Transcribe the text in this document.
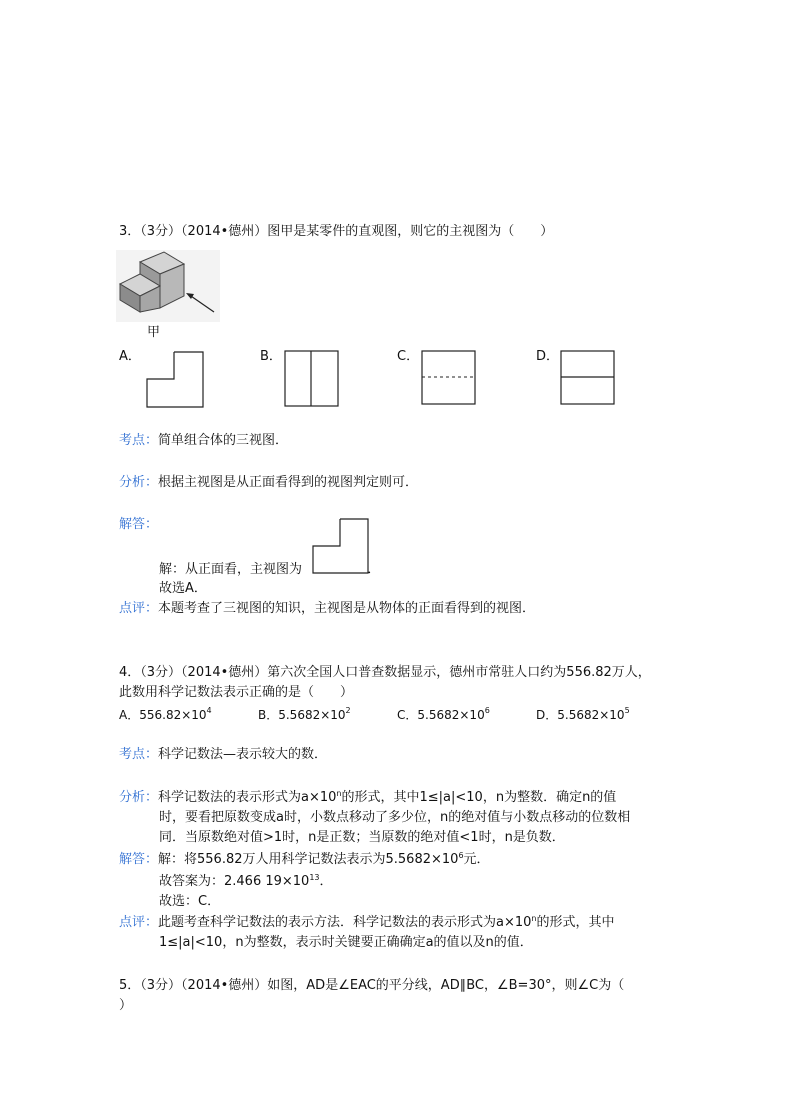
3．（3分）（2014•德州）图甲是某零件的直观图，则它的主视图为（　　）
甲
A．	B．	C．	D．
考点：简单组合体的三视图．
分析：根据主视图是从正面看得到的视图判定则可．
解答：
解：从正面看，主视图为	．
故选A．
点评：本题考查了三视图的知识，主视图是从物体的正面看得到的视图．
4．（3分）（2014•德州）第六次全国人口普查数据显示，德州市常驻人口约为556.82万人，
此数用科学记数法表示正确的是（　　）
A．$556.82\times 10^4$	B．$5.5682\times 10^2$	C．$5.5682\times 10^6$	D．$5.5682\times 10^5$
考点：科学记数法—表示较大的数．
分析：科学记数法的表示形式为$a\times 10^n$的形式，其中1≤|a|<10，n为整数．确定n的值
时，要看把原数变成a时，小数点移动了多少位，n的绝对值与小数点移动的位数相
同．当原数绝对值>1时，n是正数；当原数的绝对值<1时，n是负数．
解答：解：将556.82万人用科学记数法表示为$5.5682\times 10^6$元．
故答案为：2.466 $19\times 10^{13}$．
故选：C．
点评：此题考查科学记数法的表示方法．科学记数法的表示形式为$a\times 10^n$的形式，其中
1≤|a|<10，n为整数，表示时关键要正确确定a的值以及n的值．
5．（3分）（2014•德州）如图，AD是∠EAC的平分线，AD∥BC，∠B=30°，则∠C为（
）
